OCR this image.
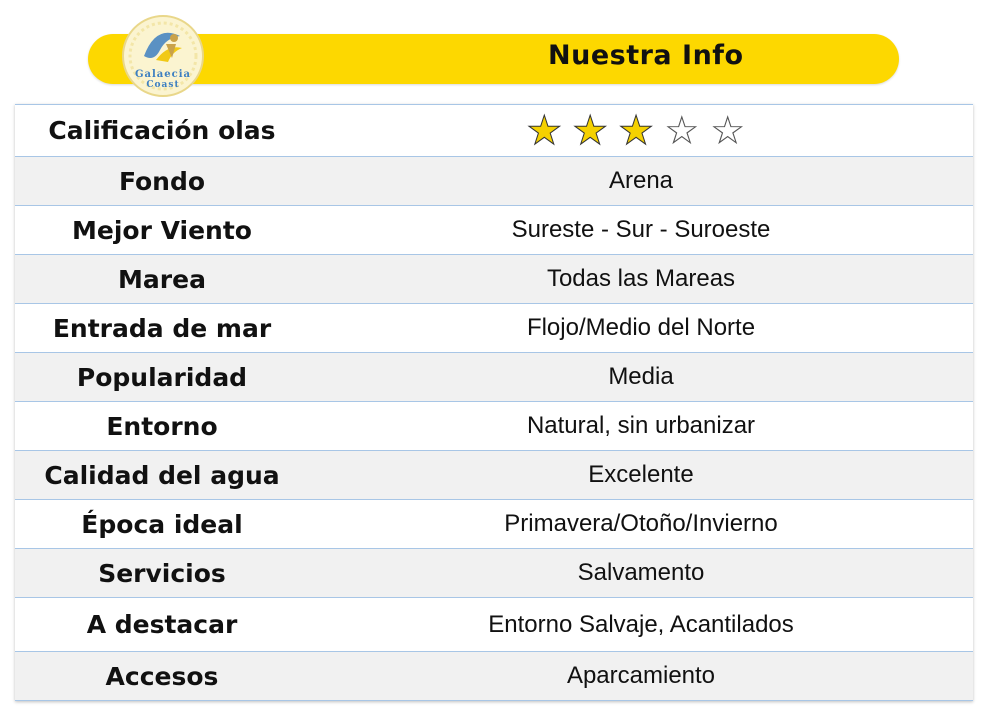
Galaecia
Coast
Nuestra Info
Calificación olas	★★★☆☆
Fondo	Arena
Mejor Viento	Sureste - Sur - Suroeste
Marea	Todas las Mareas
Entrada de mar	Flojo/Medio del Norte
Popularidad	Media
Entorno	Natural, sin urbanizar
Calidad del agua	Excelente
Época ideal	Primavera/Otoño/Invierno
Servicios	Salvamento
A destacar	Entorno Salvaje, Acantilados
Accesos	Aparcamiento
